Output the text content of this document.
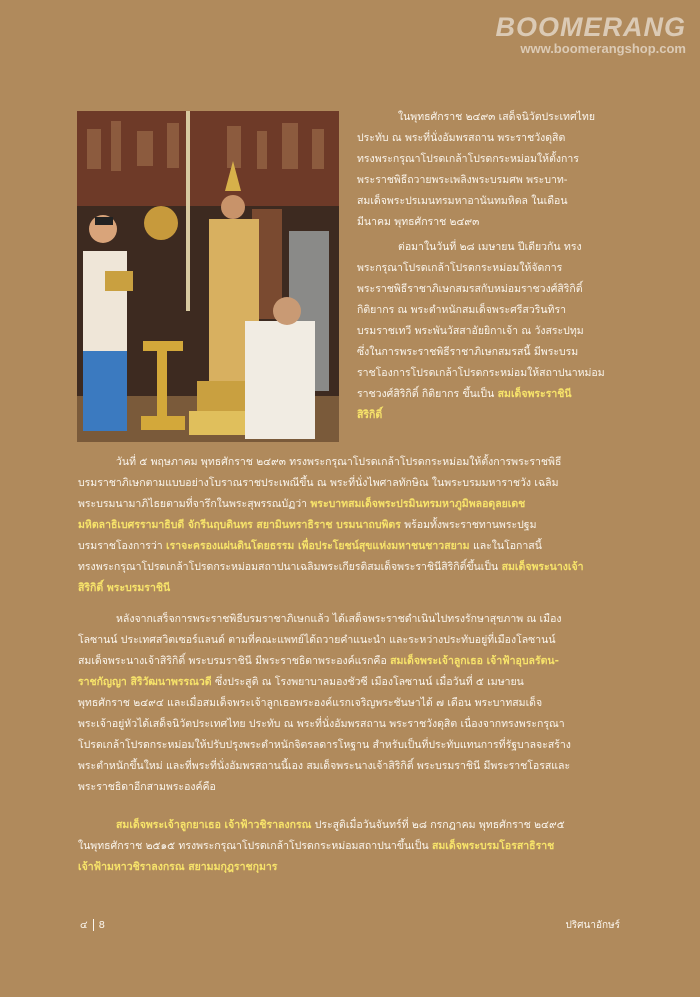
BOOMERANG
www.boomerangshop.com
ในพุทธศักราช ๒๔๙๓ เสด็จนิวัตประเทศไทย
ประทับ ณ พระที่นั่งอัมพรสถาน พระราชวังดุสิต
ทรงพระกรุณาโปรดเกล้าโปรดกระหม่อมให้ตั้งการ
พระราชพิธีถวายพระเพลิงพระบรมศพ พระบาท-
สมเด็จพระปรเมนทรมหาอานันทมหิดล ในเดือน
มีนาคม พุทธศักราช ๒๔๙๓
ต่อมาในวันที่ ๒๘ เมษายน ปีเดียวกัน ทรง
พระกรุณาโปรดเกล้าโปรดกระหม่อมให้จัดการ
พระราชพิธีราชาภิเษกสมรสกับหม่อมราชวงศ์สิริกิติ์
กิติยากร ณ พระตำหนักสมเด็จพระศรีสวรินทิรา
บรมราชเทวี พระพันวัสสาอัยยิกาเจ้า ณ วังสระปทุม
ซึ่งในการพระราชพิธีราชาภิเษกสมรสนี้ มีพระบรม
ราชโองการโปรดเกล้าโปรดกระหม่อมให้สถาปนาหม่อม
ราชวงศ์สิริกิติ์ กิติยากร ขึ้นเป็น สมเด็จพระราชินี
สิริกิติ์
วันที่ ๕ พฤษภาคม พุทธศักราช ๒๔๙๓ ทรงพระกรุณาโปรดเกล้าโปรดกระหม่อมให้ตั้งการพระราชพิธี
บรมราชาภิเษกตามแบบอย่างโบราณราชประเพณีขึ้น ณ พระที่นั่งไพศาลทักษิณ ในพระบรมมหาราชวัง เฉลิม
พระบรมนามาภิไธยตามที่จารึกในพระสุพรรณบัฏว่า พระบาทสมเด็จพระปรมินทรมหาภูมิพลอดุลยเดช
มหิตลาธิเบศรรามาธิบดี จักรีนฤบดินทร สยามินทราธิราช บรมนาถบพิตร พร้อมทั้งพระราชทานพระปฐม
บรมราชโองการว่า เราจะครองแผ่นดินโดยธรรม เพื่อประโยชน์สุขแห่งมหาชนชาวสยาม และในโอกาสนี้
ทรงพระกรุณาโปรดเกล้าโปรดกระหม่อมสถาปนาเฉลิมพระเกียรติสมเด็จพระราชินีสิริกิติ์ขึ้นเป็น สมเด็จพระนางเจ้า
สิริกิติ์ พระบรมราชินี
หลังจากเสร็จการพระราชพิธีบรมราชาภิเษกแล้ว ได้เสด็จพระราชดำเนินไปทรงรักษาสุขภาพ ณ เมือง
โลซานน์ ประเทศสวิตเซอร์แลนด์ ตามที่คณะแพทย์ได้ถวายคำแนะนำ และระหว่างประทับอยู่ที่เมืองโลซานน์
สมเด็จพระนางเจ้าสิริกิติ์ พระบรมราชินี มีพระราชธิดาพระองค์แรกคือ สมเด็จพระเจ้าลูกเธอ เจ้าฟ้าอุบลรัตน-
ราชกัญญา สิริวัฒนาพรรณวดี ซึ่งประสูติ ณ โรงพยาบาลมองชัวซี เมืองโลซานน์ เมื่อวันที่ ๕ เมษายน
พุทธศักราช ๒๔๙๔ และเมื่อสมเด็จพระเจ้าลูกเธอพระองค์แรกเจริญพระชันษาได้ ๗ เดือน พระบาทสมเด็จ
พระเจ้าอยู่หัวได้เสด็จนิวัตประเทศไทย ประทับ ณ พระที่นั่งอัมพรสถาน พระราชวังดุสิต เนื่องจากทรงพระกรุณา
โปรดเกล้าโปรดกระหม่อมให้ปรับปรุงพระตำหนักจิตรลดารโหฐาน สำหรับเป็นที่ประทับแทนการที่รัฐบาลจะสร้าง
พระตำหนักขึ้นใหม่ และที่พระที่นั่งอัมพรสถานนี้เอง สมเด็จพระนางเจ้าสิริกิติ์ พระบรมราชินี มีพระราชโอรสและ
พระราชธิดาอีกสามพระองค์คือ
สมเด็จพระเจ้าลูกยาเธอ เจ้าฟ้าวชิราลงกรณ ประสูติเมื่อวันจันทร์ที่ ๒๘ กรกฎาคม พุทธศักราช ๒๔๙๕
ในพุทธศักราช ๒๕๑๕ ทรงพระกรุณาโปรดเกล้าโปรดกระหม่อมสถาปนาขึ้นเป็น สมเด็จพระบรมโอรสาธิราช
เจ้าฟ้ามหาวชิราลงกรณ สยามมกุฎราชกุมาร
๔ 8	ปริศนาอักษร์
